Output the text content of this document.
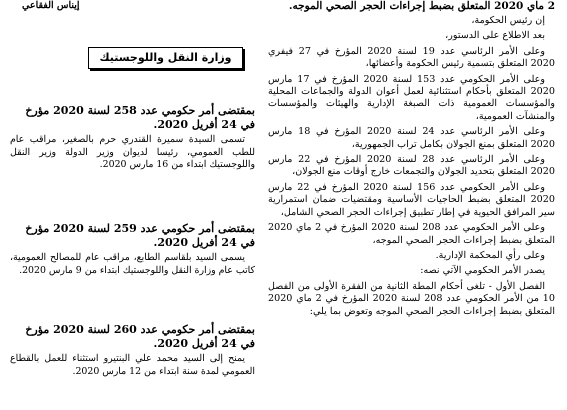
إيناس الفقاعي	2 ماي 2020 المتعلق بضبط إجراءات الحجر الصحي الموجه.

إن رئيس الحكومة،

بعد الاطلاع على الدستور،

وعلى الأمر الرئاسي عدد 19 لسنة 2020 المؤرخ في 27 فيفري 2020 المتعلق بتسمية رئيس الحكومة وأعضائها،

وعلى الأمر الحكومي عدد 153 لسنة 2020 المؤرخ في 17 مارس 2020 المتعلق بأحكام استثنائية لعمل أعوان الدولة والجماعات المحلية والمؤسسات العمومية ذات الصبغة الإدارية والهيئات والمؤسسات والمنشآت العمومية،

وعلى الأمر الرئاسي عدد 24 لسنة 2020 المؤرخ في 18 مارس 2020 المتعلق بمنع الجولان بكامل تراب الجمهورية،

وعلى الأمر الرئاسي عدد 28 لسنة 2020 المؤرخ في 22 مارس 2020 المتعلق بتحديد الجولان والتجمعات خارج أوقات منع الجولان،

وعلى الأمر الحكومي عدد 156 لسنة 2020 المؤرخ في 22 مارس 2020 المتعلق بضبط الحاجيات الأساسية ومقتضيات ضمان استمرارية سير المرافق الحيوية في إطار تطبيق إجراءات الحجر الصحي الشامل،

وعلى الأمر الحكومي عدد 208 لسنة 2020 المؤرخ في 2 ماي 2020 المتعلق بضبط إجراءات الحجر الصحي الموجه،

وعلى رأي المحكمة الإدارية.

يصدر الأمر الحكومي الآتي نصه:

الفصل الأول - تلغى أحكام المطة الثانية من الفقرة الأولى من الفصل 10 من الأمر الحكومي عدد 208 لسنة 2020 المؤرخ في 2 ماي 2020 المتعلق بضبط إجراءات الحجر الصحي الموجه وتعوض بما يلي:

وزارة النقل واللوجستيك

بمقتضى أمر حكومي عدد 258 لسنة 2020 مؤرخ في 24 أفريل 2020.

تسمى السيدة سميرة القندري حرم بالصغير، مراقب عام للطب العمومي، رئيسا لديوان وزير الدولة وزير النقل واللوجستيك ابتداء من 16 مارس 2020.

بمقتضى أمر حكومي عدد 259 لسنة 2020 مؤرخ في 24 أفريل 2020.

يسمى السيد بلقاسم الطابع، مراقب عام للمصالح العمومية، كاتب عام وزارة النقل واللوجستيك ابتداء من 9 مارس 2020.

بمقتضى أمر حكومي عدد 260 لسنة 2020 مؤرخ في 24 أفريل 2020.

يمنح إلى السيد محمد علي البنتيرو استثناء للعمل بالقطاع العمومي لمدة سنة ابتداء من 12 مارس 2020.
